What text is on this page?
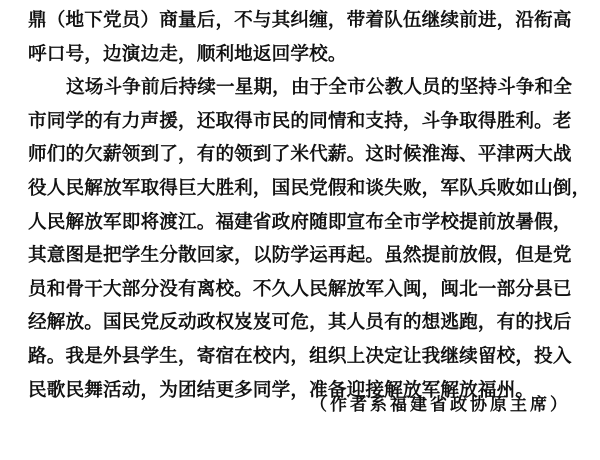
鼎（地下党员）商量后，不与其纠缠，带着队伍继续前进，沿衔高
呼口号，边演边走，顺利地返回学校。
这场斗争前后持续一星期，由于全市公教人员的坚持斗争和全
市同学的有力声援，还取得市民的同情和支持，斗争取得胜利。老
师们的欠薪领到了，有的领到了米代薪。这时候淮海、平津两大战
役人民解放军取得巨大胜利，国民党假和谈失败，军队兵败如山倒，
人民解放军即将渡江。福建省政府随即宣布全市学校提前放暑假，
其意图是把学生分散回家，以防学运再起。虽然提前放假，但是党
员和骨干大部分没有离校。不久人民解放军入闽，闽北一部分县已
经解放。国民党反动政权岌岌可危，其人员有的想逃跑，有的找后
路。我是外县学生，寄宿在校内，组织上决定让我继续留校，投入
民歌民舞活动，为团结更多同学，准备迎接解放军解放福州。
（作者系福建省政协原主席）
